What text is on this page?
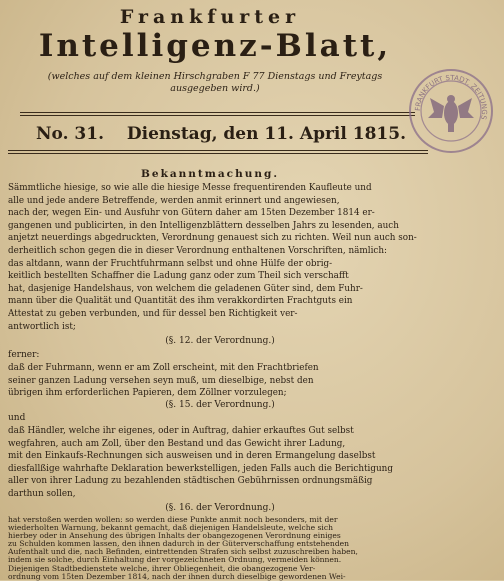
Frankfurter
Intelligenz-Blatt,
(welches auf dem kleinen Hirschgraben F 77 Dienstags und Freytags
ausgegeben wird.)
No. 31. Dienstag, den 11. April 1815.
FRANKFURT STADT. ZEITUNGS
Bekanntmachung.
Sämmtliche hiesige, so wie alle die hiesige Messe frequentirenden Kaufleute und
alle und jede andere Betreffende, werden anmit erinnert und angewiesen,
nach der, wegen Ein- und Ausfuhr von Gütern daher am 15ten Dezember 1814 er-
gangenen und publicirten, in den Intelligenzblättern desselben Jahrs zu lesenden, auch
anjetzt neuerdings abgedruckten, Verordnung genauest sich zu richten. Weil nun auch son-
derheitlich schon gegen die in dieser Verordnung enthaltenen Vorschriften, nämlich:
das altdann, wann der Fruchtfuhrmann selbst und ohne Hülfe der obrig-
keitlich bestellten Schaffner die Ladung ganz oder zum Theil sich verschafft
hat, dasjenige Handelshaus, von welchem die geladenen Güter sind, dem Fuhr-
mann über die Qualität und Quantität des ihm verakkordirten Frachtguts ein
Attestat zu geben verbunden, und für dessel ben Richtigkeit ver-
antwortlich ist;
(§. 12. der Verordnung.)
ferner:
daß der Fuhrmann, wenn er am Zoll erscheint, mit den Frachtbriefen
seiner ganzen Ladung versehen seyn muß, um dieselbige, nebst den
übrigen ihm erforderlichen Papieren, dem Zöllner vorzulegen;
(§. 15. der Verordnung.)
und
daß Händler, welche ihr eigenes, oder in Auftrag, dahier erkauftes Gut selbst
wegfahren, auch am Zoll, über den Bestand und das Gewicht ihrer Ladung,
mit den Einkaufs-Rechnungen sich ausweisen und in deren Ermangelung daselbst
diesfallßige wahrhafte Deklaration bewerkstelligen, jeden Falls auch die Berichtigung
aller von ihrer Ladung zu bezahlenden städtischen Gebührnissen ordnungsmäßig
darthun sollen,
(§. 16. der Verordnung.)
hat verstoßen werden wollen: so werden diese Punkte anmit noch besonders, mit der
wiederholten Warnung, bekannt gemacht, daß diejenigen Handelsleute, welche sich
hierbey oder in Ansehung des übrigen Inhalts der obangezogenen Verordnung einiges
zu Schulden kommen lassen, den ihnen dadurch in der Güterverschaffung entstehenden
Aufenthalt und die, nach Befinden, eintrettenden Strafen sich selbst zuzuschreiben haben,
indem sie solche, durch Einhaltung der vorgezeichneten Ordnung, vermeiden können.
Diejenigen Stadtbedienstete welche, ihrer Obliegenheit, die obangezogene Ver-
ordnung vom 15ten Dezember 1814, nach der ihnen durch dieselbige gewordenen Wei-
